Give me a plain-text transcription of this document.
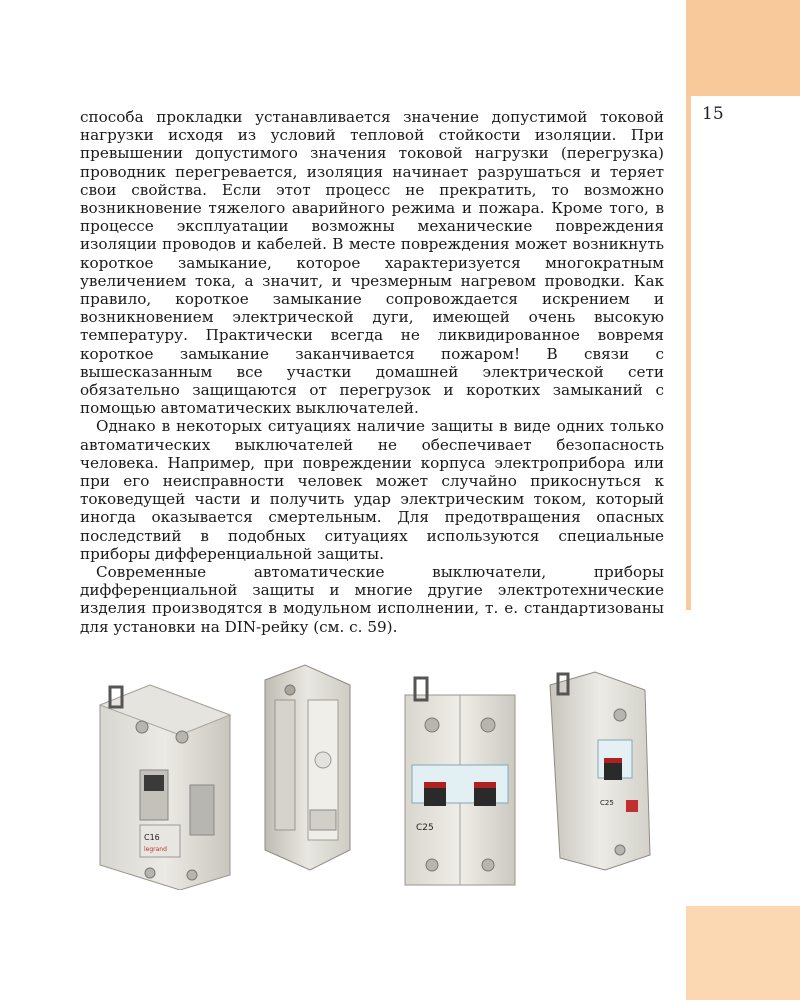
15

способа прокладки устанавливается значение допустимой токовой нагрузки исходя из условий тепловой стойкости изоляции. При превышении допустимого значения токовой нагрузки (перегрузка) проводник перегревается, изоляция начинает разрушаться и теряет свои свойства. Если этот процесс не прекратить, то возможно возникновение тяжелого аварийного режима и пожара. Кроме того, в процессе эксплуатации возможны механические повреждения изоляции проводов и кабелей. В месте повреждения может возникнуть короткое замыкание, которое характеризуется многократным увеличением тока, а значит, и чрезмерным нагревом проводки. Как правило, короткое замыкание сопровождается искрением и возникновением электрической дуги, имеющей очень высокую температуру. Практически всегда не ликвидированное вовремя короткое замыкание заканчивается пожаром! В связи с вышесказанным все участки домашней электрической сети обязательно защищаются от перегрузок и коротких замыканий с помощью автоматических выключателей.

Однако в некоторых ситуациях наличие защиты в виде одних только автоматических выключателей не обеспечивает безопасность человека. Например, при повреждении корпуса электроприбора или при его неисправности человек может случайно прикоснуться к токоведущей части и получить удар электрическим током, который иногда оказывается смертельным. Для предотвращения опасных последствий в подобных ситуациях используются специальные приборы дифференциальной защиты.

Современные автоматические выключатели, приборы дифференциальной защиты и многие другие электротехнические изделия производятся в модульном исполнении, т. е. стандартизованы для установки на DIN-рейку (см. с. 59).

C16
legrand
C25
C25
